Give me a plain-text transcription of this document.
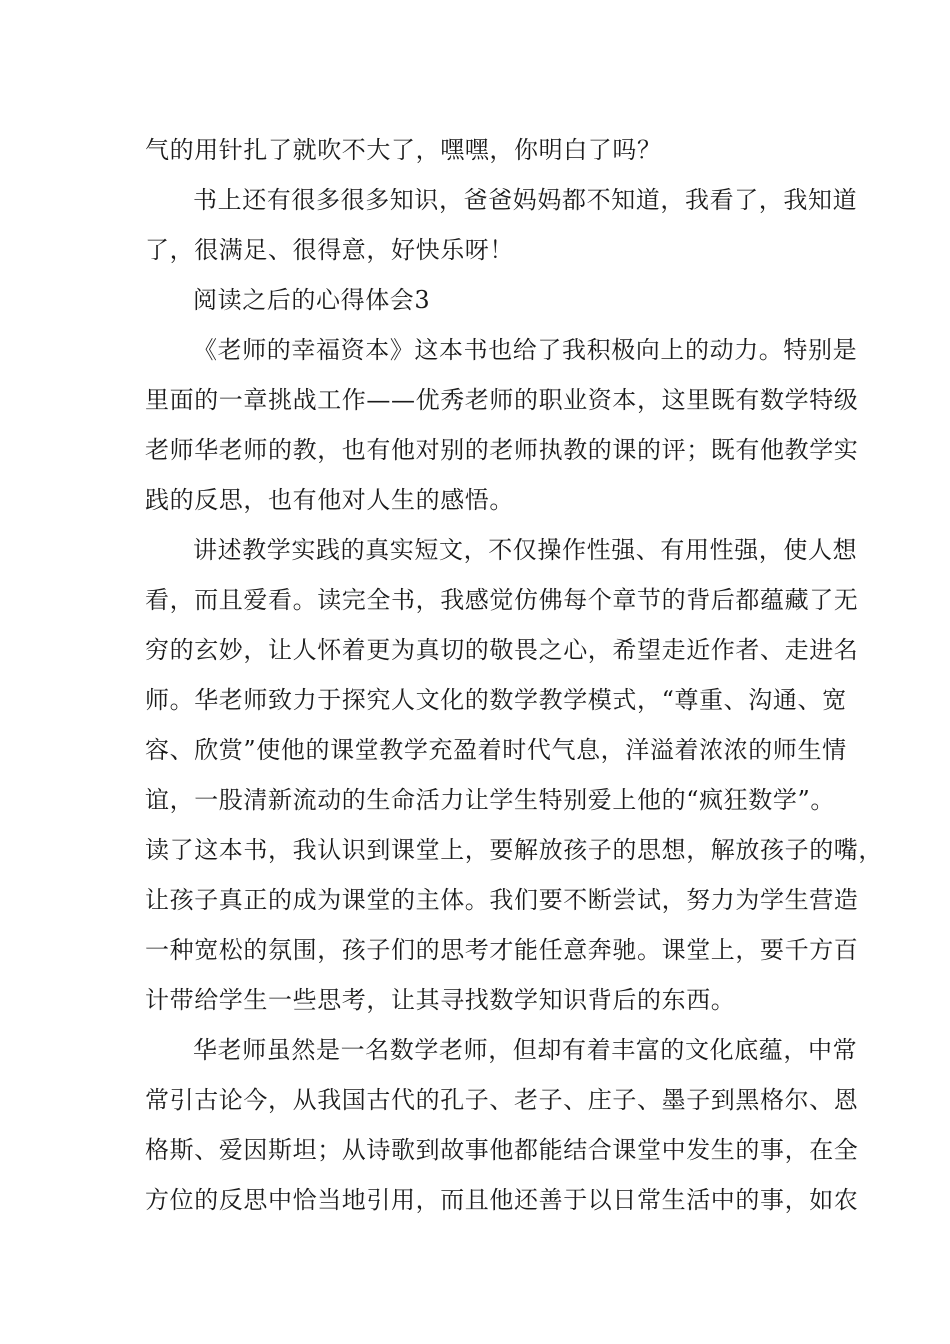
气的用针扎了就吹不大了，嘿嘿，你明白了吗？
书上还有很多很多知识，爸爸妈妈都不知道，我看了，我知道
了，很满足、很得意，好快乐呀！
阅读之后的心得体会3
《老师的幸福资本》这本书也给了我积极向上的动力。特别是
里面的一章挑战工作——优秀老师的职业资本，这里既有数学特级
老师华老师的教，也有他对别的老师执教的课的评；既有他教学实
践的反思，也有他对人生的感悟。
讲述教学实践的真实短文，不仅操作性强、有用性强，使人想
看，而且爱看。读完全书，我感觉仿佛每个章节的背后都蕴藏了无
穷的玄妙，让人怀着更为真切的敬畏之心，希望走近作者、走进名
师。华老师致力于探究人文化的数学教学模式，“尊重、沟通、宽
容、欣赏”使他的课堂教学充盈着时代气息，洋溢着浓浓的师生情
谊，一股清新流动的生命活力让学生特别爱上他的“疯狂数学”。
读了这本书，我认识到课堂上，要解放孩子的思想，解放孩子的嘴，
让孩子真正的成为课堂的主体。我们要不断尝试，努力为学生营造
一种宽松的氛围，孩子们的思考才能任意奔驰。课堂上，要千方百
计带给学生一些思考，让其寻找数学知识背后的东西。
华老师虽然是一名数学老师，但却有着丰富的文化底蕴，中常
常引古论今，从我国古代的孔子、老子、庄子、墨子到黑格尔、恩
格斯、爱因斯坦；从诗歌到故事他都能结合课堂中发生的事，在全
方位的反思中恰当地引用，而且他还善于以日常生活中的事，如农
